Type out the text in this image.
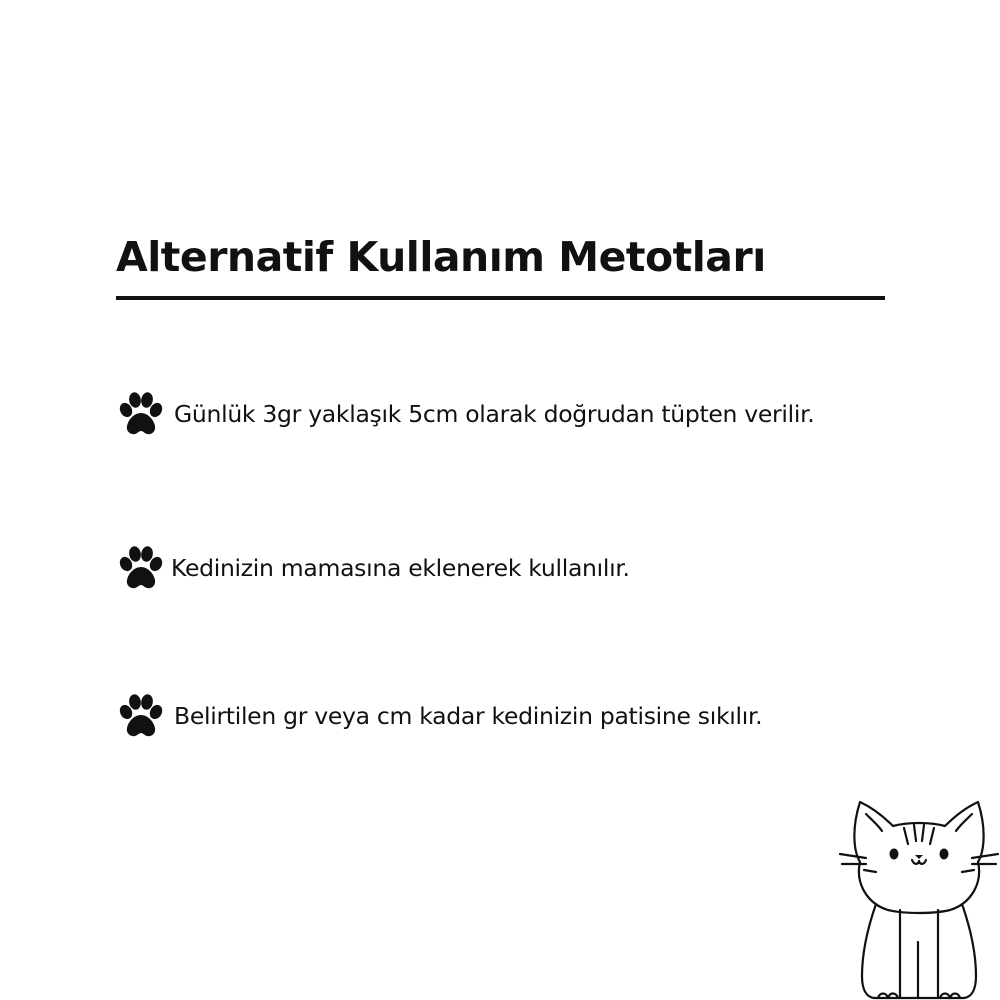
Alternatif Kullanım Metotları
Günlük 3gr yaklaşık 5cm olarak doğrudan tüpten verilir.
Kedinizin mamasına eklenerek kullanılır.
Belirtilen gr veya cm kadar kedinizin patisine sıkılır.
